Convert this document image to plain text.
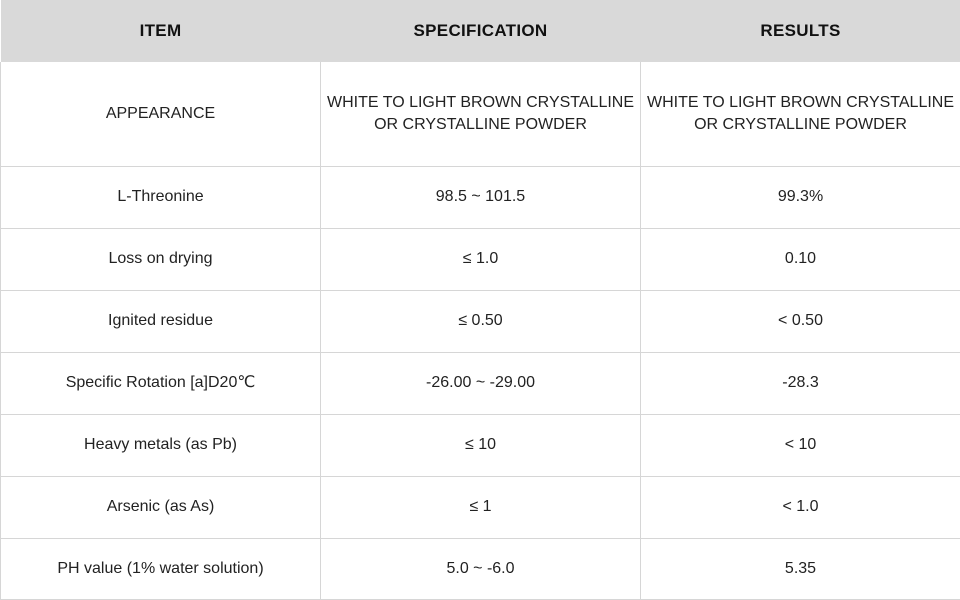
ITEM	SPECIFICATION	RESULTS
APPEARANCE	WHITE TO LIGHT BROWN CRYSTALLINE OR CRYSTALLINE POWDER	WHITE TO LIGHT BROWN CRYSTALLINE OR CRYSTALLINE POWDER
L-Threonine	98.5 ~ 101.5	99.3%
Loss on drying	≤ 1.0	0.10
Ignited residue	≤ 0.50	< 0.50
Specific Rotation [a]D20℃	-26.00 ~ -29.00	-28.3
Heavy metals (as Pb)	≤ 10	< 10
Arsenic (as As)	≤ 1	< 1.0
PH value (1% water solution)	5.0 ~ -6.0	5.35
